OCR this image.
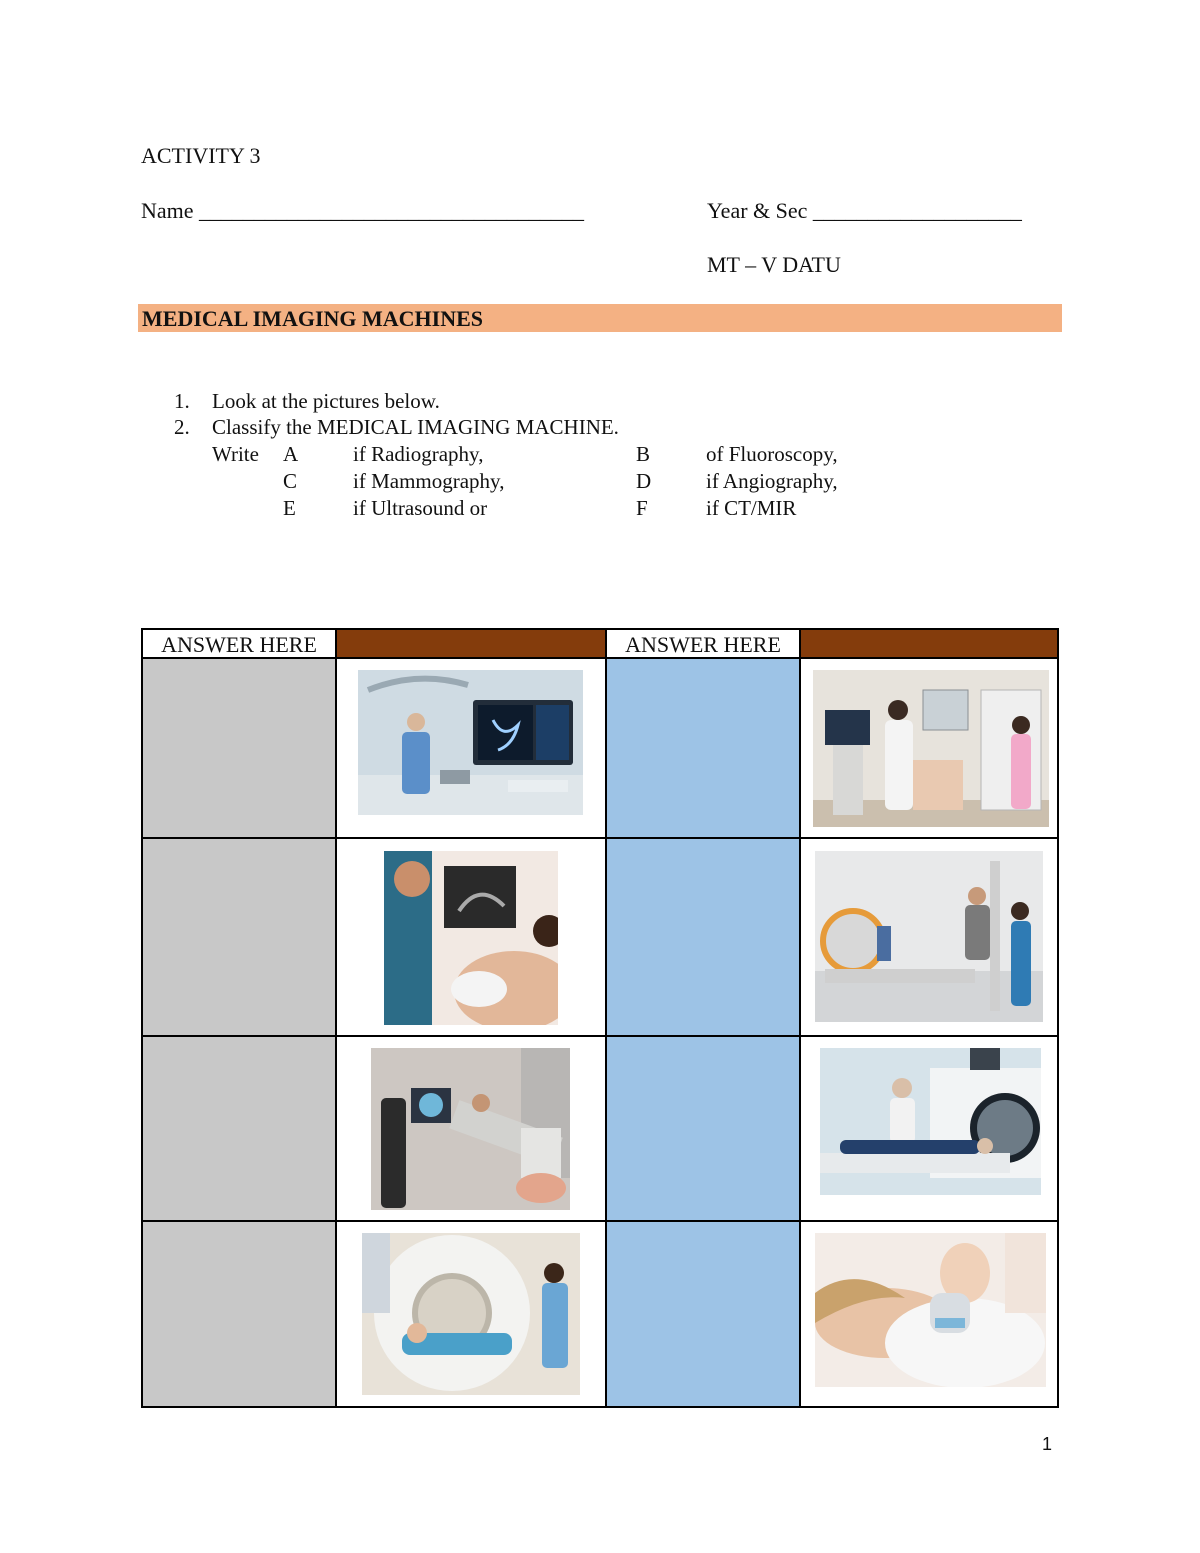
ACTIVITY 3
Name ___________________________________	Year & Sec ___________________
MT – V DATU
MEDICAL IMAGING MACHINES
1. Look at the pictures below.
2. Classify the MEDICAL IMAGING MACHINE.
Write A	if Radiography,	B	of Fluoroscopy,
C	if Mammography,	D	if Angiography,
E	if Ultrasound or	F	if CT/MIR
ANSWER HERE	ANSWER HERE
1
